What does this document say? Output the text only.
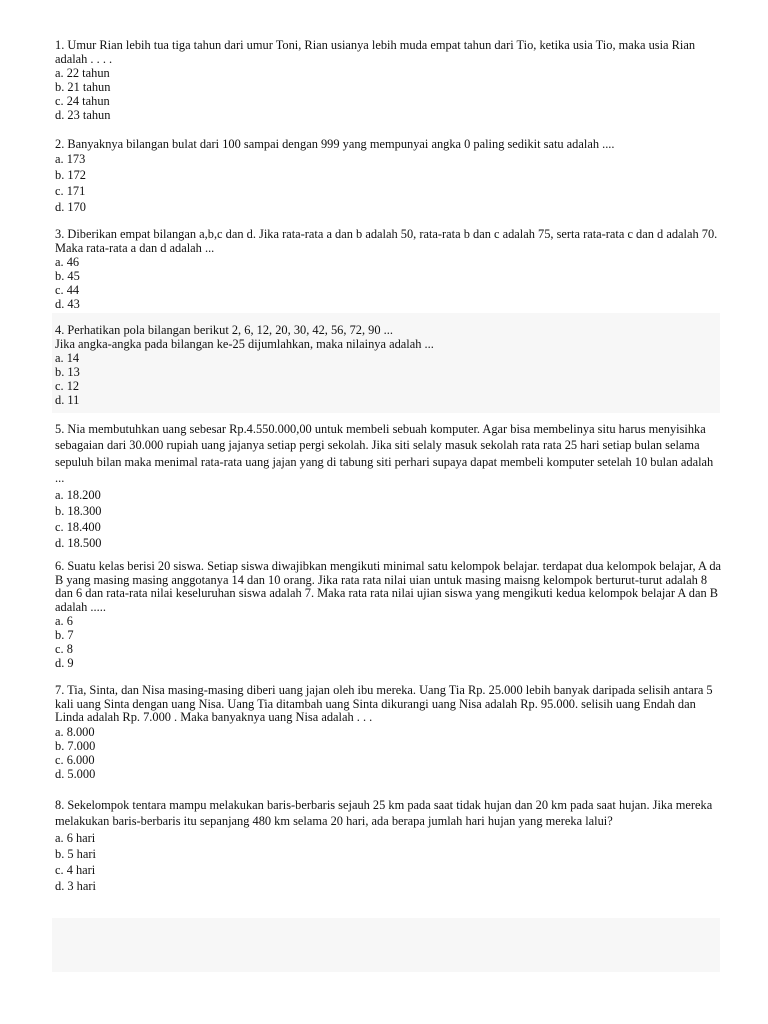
1. Umur Rian lebih tua tiga tahun dari umur Toni, Rian usianya lebih muda empat tahun dari Tio, ketika usia Tio, maka usia Rian adalah . . . .
a. 22 tahun
b. 21 tahun
c. 24 tahun
d. 23 tahun
2. Banyaknya bilangan bulat dari 100 sampai dengan 999 yang mempunyai angka 0 paling sedikit satu adalah ....
a. 173
b. 172
c. 171
d. 170
3. Diberikan empat bilangan a,b,c dan d. Jika rata-rata a dan b adalah 50, rata-rata b dan c adalah 75, serta rata-rata c dan d adalah 70. Maka rata-rata a dan d adalah ...
a. 46
b. 45
c. 44
d. 43
4. Perhatikan pola bilangan berikut 2, 6, 12, 20, 30, 42, 56, 72, 90 ...
Jika angka-angka pada bilangan ke-25 dijumlahkan, maka nilainya adalah ...
a. 14
b. 13
c. 12
d. 11
5. Nia membutuhkan uang sebesar Rp.4.550.000,00 untuk membeli sebuah komputer. Agar bisa membelinya situ harus menyisihka sebagaian dari 30.000 rupiah uang jajanya setiap pergi sekolah. Jika siti selaly masuk sekolah rata rata 25 hari setiap bulan selama sepuluh bilan maka menimal rata-rata uang jajan yang di tabung siti perhari supaya dapat membeli komputer setelah 10 bulan adalah ...
a. 18.200
b. 18.300
c. 18.400
d. 18.500
6. Suatu kelas berisi 20 siswa. Setiap siswa diwajibkan mengikuti minimal satu kelompok belajar. terdapat dua kelompok belajar, A da B yang masing masing anggotanya 14 dan 10 orang. Jika rata rata nilai uian untuk masing maisng kelompok berturut-turut adalah 8 dan 6 dan rata-rata nilai keseluruhan siswa adalah 7. Maka rata rata nilai ujian siswa yang mengikuti kedua kelompok belajar A dan B adalah .....
a. 6
b. 7
c. 8
d. 9
7. Tia, Sinta, dan Nisa masing-masing diberi uang jajan oleh ibu mereka. Uang Tia Rp. 25.000 lebih banyak daripada selisih antara 5 kali uang Sinta dengan uang Nisa. Uang Tia ditambah uang Sinta dikurangi uang Nisa adalah Rp. 95.000. selisih uang Endah dan Linda adalah Rp. 7.000 . Maka banyaknya uang Nisa adalah . . .
a. 8.000
b. 7.000
c. 6.000
d. 5.000
8. Sekelompok tentara mampu melakukan baris-berbaris sejauh 25 km pada saat tidak hujan dan 20 km pada saat hujan. Jika mereka melakukan baris-berbaris itu sepanjang 480 km selama 20 hari, ada berapa jumlah hari hujan yang mereka lalui?
a. 6 hari
b. 5 hari
c. 4 hari
d. 3 hari
